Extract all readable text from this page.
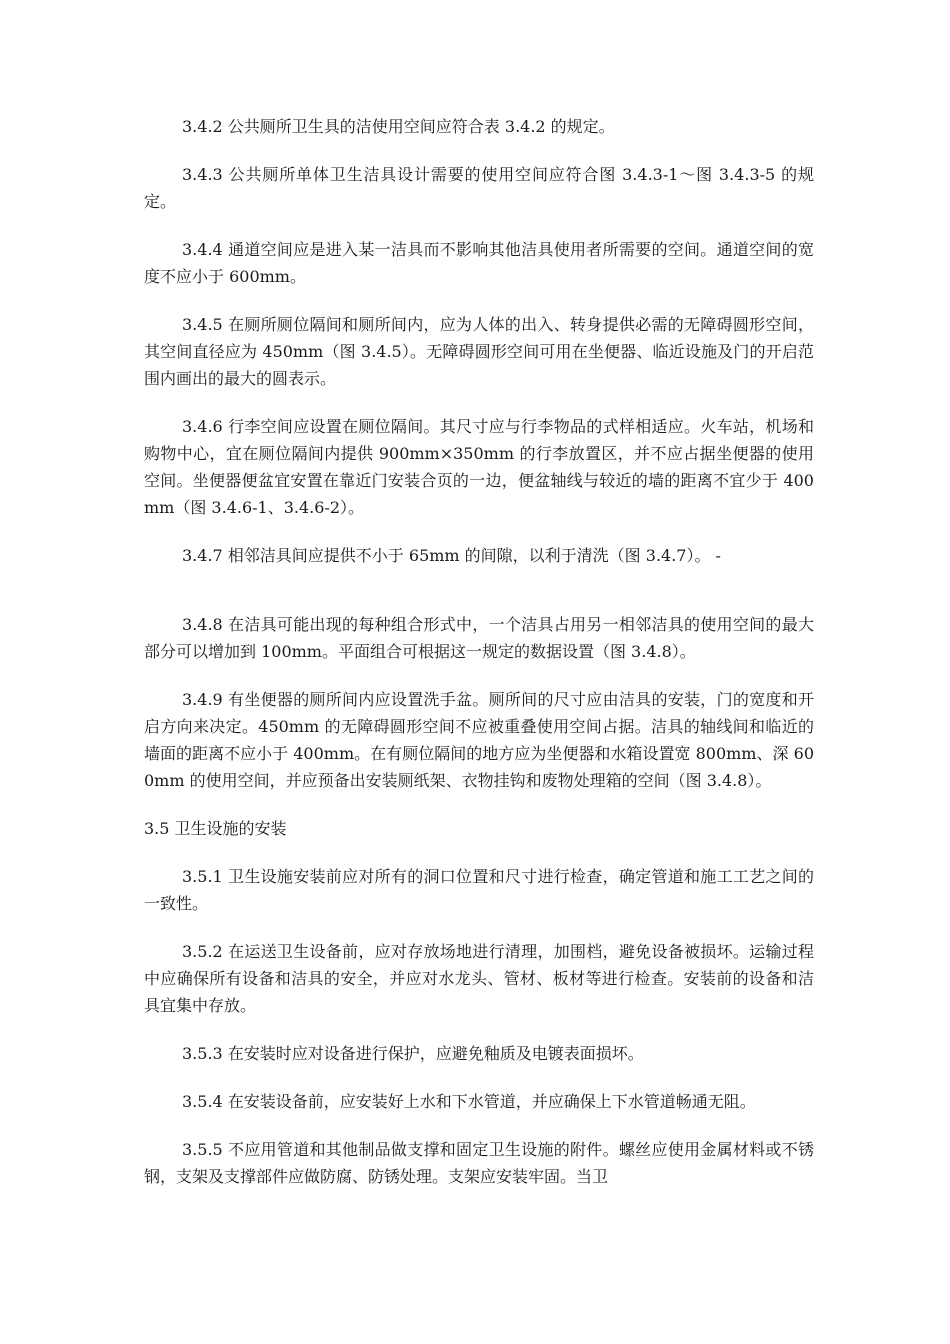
3.4.2 公共厕所卫生具的洁使用空间应符合表 3.4.2 的规定。

3.4.3 公共厕所单体卫生洁具设计需要的使用空间应符合图 3.4.3-1～图 3.4.3-5 的规定。

3.4.4 通道空间应是进入某一洁具而不影响其他洁具使用者所需要的空间。通道空间的宽度不应小于 600mm。

3.4.5 在厕所厕位隔间和厕所间内，应为人体的出入、转身提供必需的无障碍圆形空间，其空间直径应为 450mm（图 3.4.5）。无障碍圆形空间可用在坐便器、临近设施及门的开启范围内画出的最大的圆表示。

3.4.6 行李空间应设置在厕位隔间。其尺寸应与行李物品的式样相适应。火车站，机场和购物中心，宜在厕位隔间内提供 900mm×350mm 的行李放置区，并不应占据坐便器的使用空间。坐便器便盆宜安置在靠近门安装合页的一边，便盆轴线与较近的墙的距离不宜少于 400mm（图 3.4.6-1、3.4.6-2）。

3.4.7 相邻洁具间应提供不小于 65mm 的间隙，以利于清洗（图 3.4.7）。 -

3.4.8 在洁具可能出现的每种组合形式中，一个洁具占用另一相邻洁具的使用空间的最大部分可以增加到 100mm。平面组合可根据这一规定的数据设置（图 3.4.8）。

3.4.9 有坐便器的厕所间内应设置洗手盆。厕所间的尺寸应由洁具的安装，门的宽度和开启方向来决定。450mm 的无障碍圆形空间不应被重叠使用空间占据。洁具的轴线间和临近的墙面的距离不应小于 400mm。在有厕位隔间的地方应为坐便器和水箱设置宽 800mm、深 600mm 的使用空间，并应预备出安装厕纸架、衣物挂钩和废物处理箱的空间（图 3.4.8）。

3.5 卫生设施的安装

3.5.1 卫生设施安装前应对所有的洞口位置和尺寸进行检查，确定管道和施工工艺之间的一致性。

3.5.2 在运送卫生设备前，应对存放场地进行清理，加围档，避免设备被损坏。运输过程中应确保所有设备和洁具的安全，并应对水龙头、管材、板材等进行检查。安装前的设备和洁具宜集中存放。

3.5.3 在安装时应对设备进行保护，应避免釉质及电镀表面损坏。

3.5.4 在安装设备前，应安装好上水和下水管道，并应确保上下水管道畅通无阻。

3.5.5 不应用管道和其他制品做支撑和固定卫生设施的附件。螺丝应使用金属材料或不锈钢，支架及支撑部件应做防腐、防锈处理。支架应安装牢固。当卫
